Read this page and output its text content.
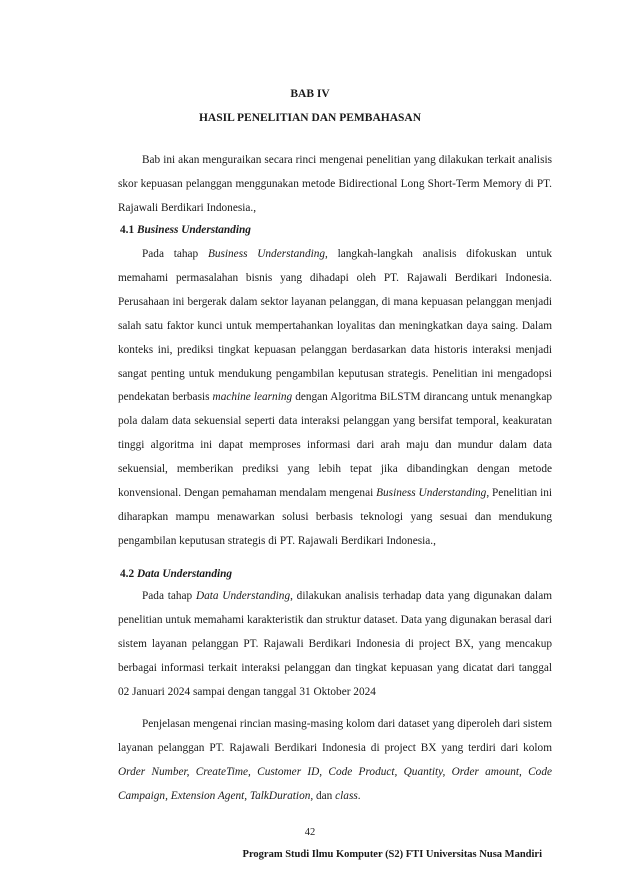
BAB IV
HASIL PENELITIAN DAN PEMBAHASAN
Bab ini akan menguraikan secara rinci mengenai penelitian yang dilakukan terkait analisis skor kepuasan pelanggan menggunakan metode Bidirectional Long Short-Term Memory di PT. Rajawali Berdikari Indonesia.,
4.1 Business Understanding
Pada tahap Business Understanding, langkah-langkah analisis difokuskan untuk memahami permasalahan bisnis yang dihadapi oleh PT. Rajawali Berdikari Indonesia. Perusahaan ini bergerak dalam sektor layanan pelanggan, di mana kepuasan pelanggan menjadi salah satu faktor kunci untuk mempertahankan loyalitas dan meningkatkan daya saing. Dalam konteks ini, prediksi tingkat kepuasan pelanggan berdasarkan data historis interaksi menjadi sangat penting untuk mendukung pengambilan keputusan strategis. Penelitian ini mengadopsi pendekatan berbasis machine learning dengan Algoritma BiLSTM dirancang untuk menangkap pola dalam data sekuensial seperti data interaksi pelanggan yang bersifat temporal, keakuratan tinggi algoritma ini dapat memproses informasi dari arah maju dan mundur dalam data sekuensial, memberikan prediksi yang lebih tepat jika dibandingkan dengan metode konvensional. Dengan pemahaman mendalam mengenai Business Understanding, Penelitian ini diharapkan mampu menawarkan solusi berbasis teknologi yang sesuai dan mendukung pengambilan keputusan strategis di PT. Rajawali Berdikari Indonesia.,
4.2 Data Understanding
Pada tahap Data Understanding, dilakukan analisis terhadap data yang digunakan dalam penelitian untuk memahami karakteristik dan struktur dataset. Data yang digunakan berasal dari sistem layanan pelanggan PT. Rajawali Berdikari Indonesia di project BX, yang mencakup berbagai informasi terkait interaksi pelanggan dan tingkat kepuasan yang dicatat dari tanggal 02 Januari 2024 sampai dengan tanggal 31 Oktober 2024
Penjelasan mengenai rincian masing-masing kolom dari dataset yang diperoleh dari sistem layanan pelanggan PT. Rajawali Berdikari Indonesia di project BX yang terdiri dari kolom Order Number, CreateTime, Customer ID, Code Product, Quantity, Order amount, Code Campaign, Extension Agent, TalkDuration, dan class.
42
Program Studi Ilmu Komputer (S2) FTI Universitas Nusa Mandiri
